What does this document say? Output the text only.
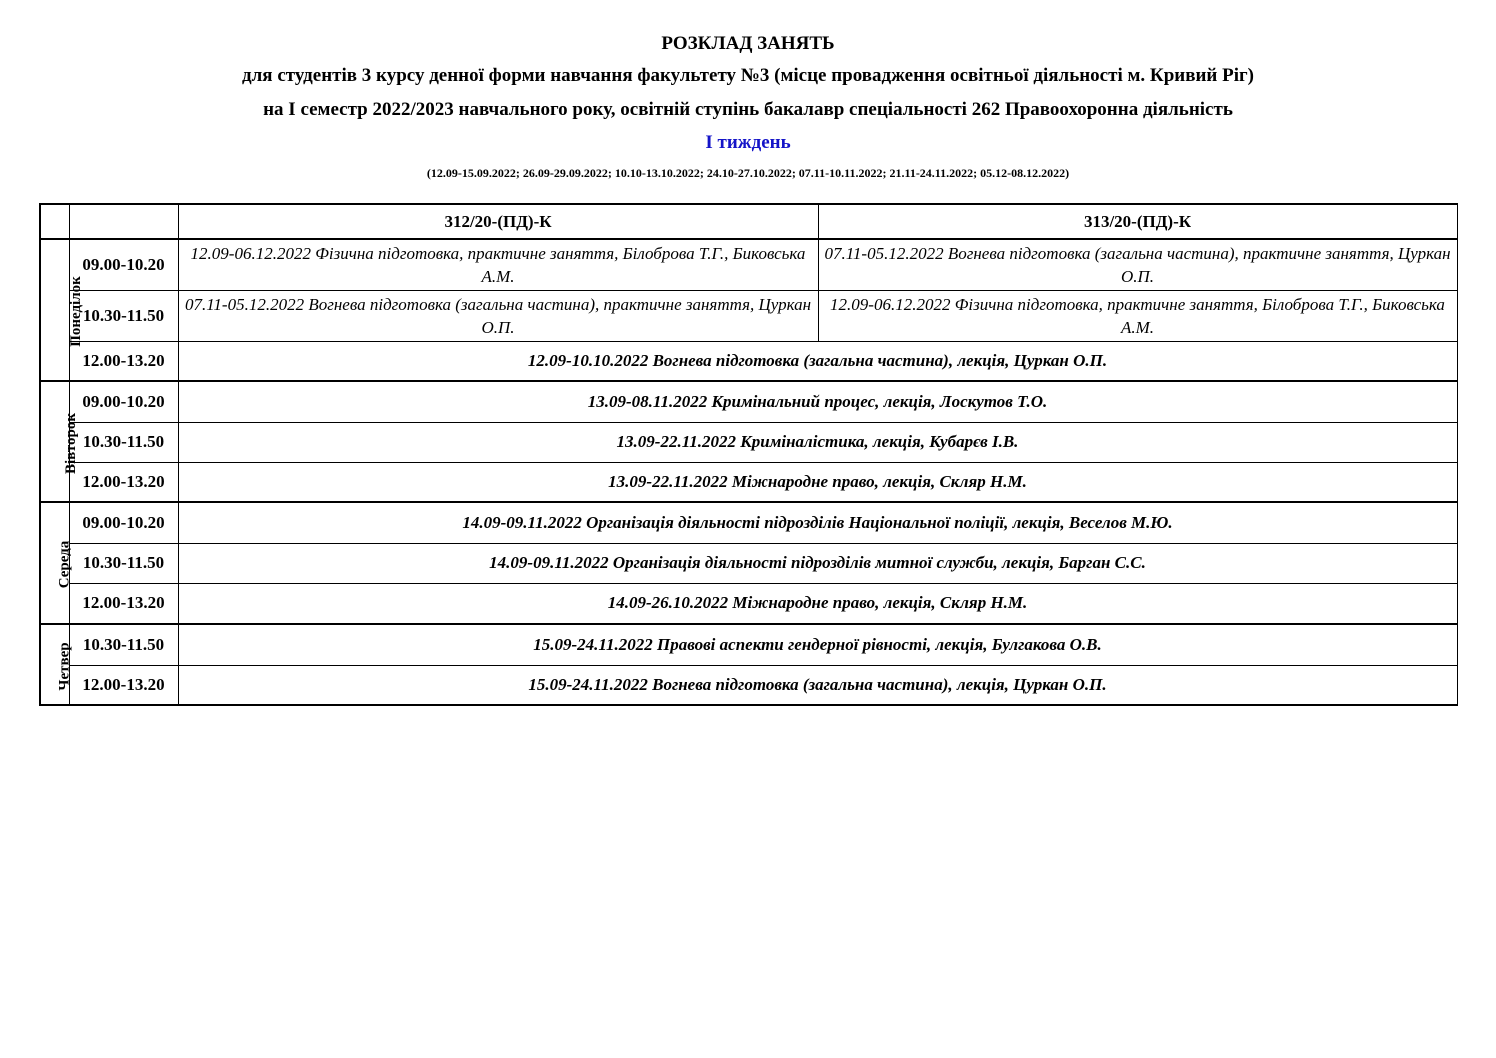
РОЗКЛАД ЗАНЯТЬ
для студентів 3 курсу денної форми навчання факультету №3 (місце провадження освітньої діяльності м. Кривий Ріг)
на I семестр 2022/2023 навчального року, освітній ступінь бакалавр спеціальності 262 Правоохоронна діяльність
I тиждень
(12.09-15.09.2022; 26.09-29.09.2022; 10.10-13.10.2022; 24.10-27.10.2022; 07.11-10.11.2022; 21.11-24.11.2022; 05.12-08.12.2022)
		312/20-(ПД)-К	313/20-(ПД)-К
Понеділок	09.00-10.20	12.09-06.12.2022 Фізична підготовка, практичне заняття, Білоброва Т.Г., Биковська А.М.	07.11-05.12.2022 Вогнева підготовка (загальна частина), практичне заняття, Цуркан О.П.
	10.30-11.50	07.11-05.12.2022 Вогнева підготовка (загальна частина), практичне заняття, Цуркан О.П.	12.09-06.12.2022 Фізична підготовка, практичне заняття, Білоброва Т.Г., Биковська А.М.
	12.00-13.20	12.09-10.10.2022 Вогнева підготовка (загальна частина), лекція, Цуркан О.П.	
Вівторок	09.00-10.20	13.09-08.11.2022 Кримінальний процес, лекція, Лоскутов Т.О.	
	10.30-11.50	13.09-22.11.2022 Криміналістика, лекція, Кубарєв І.В.	
	12.00-13.20	13.09-22.11.2022 Міжнародне право, лекція, Скляр Н.М.	
Середа	09.00-10.20	14.09-09.11.2022 Організація діяльності підрозділів Національної поліції, лекція, Веселов М.Ю.	
	10.30-11.50	14.09-09.11.2022 Організація діяльності підрозділів митної служби, лекція, Барган С.С.	
	12.00-13.20	14.09-26.10.2022 Міжнародне право, лекція, Скляр Н.М.	
Четвер	10.30-11.50	15.09-24.11.2022 Правові аспекти гендерної рівності, лекція, Булгакова О.В.	
	12.00-13.20	15.09-24.11.2022 Вогнева підготовка (загальна частина), лекція, Цуркан О.П.	
